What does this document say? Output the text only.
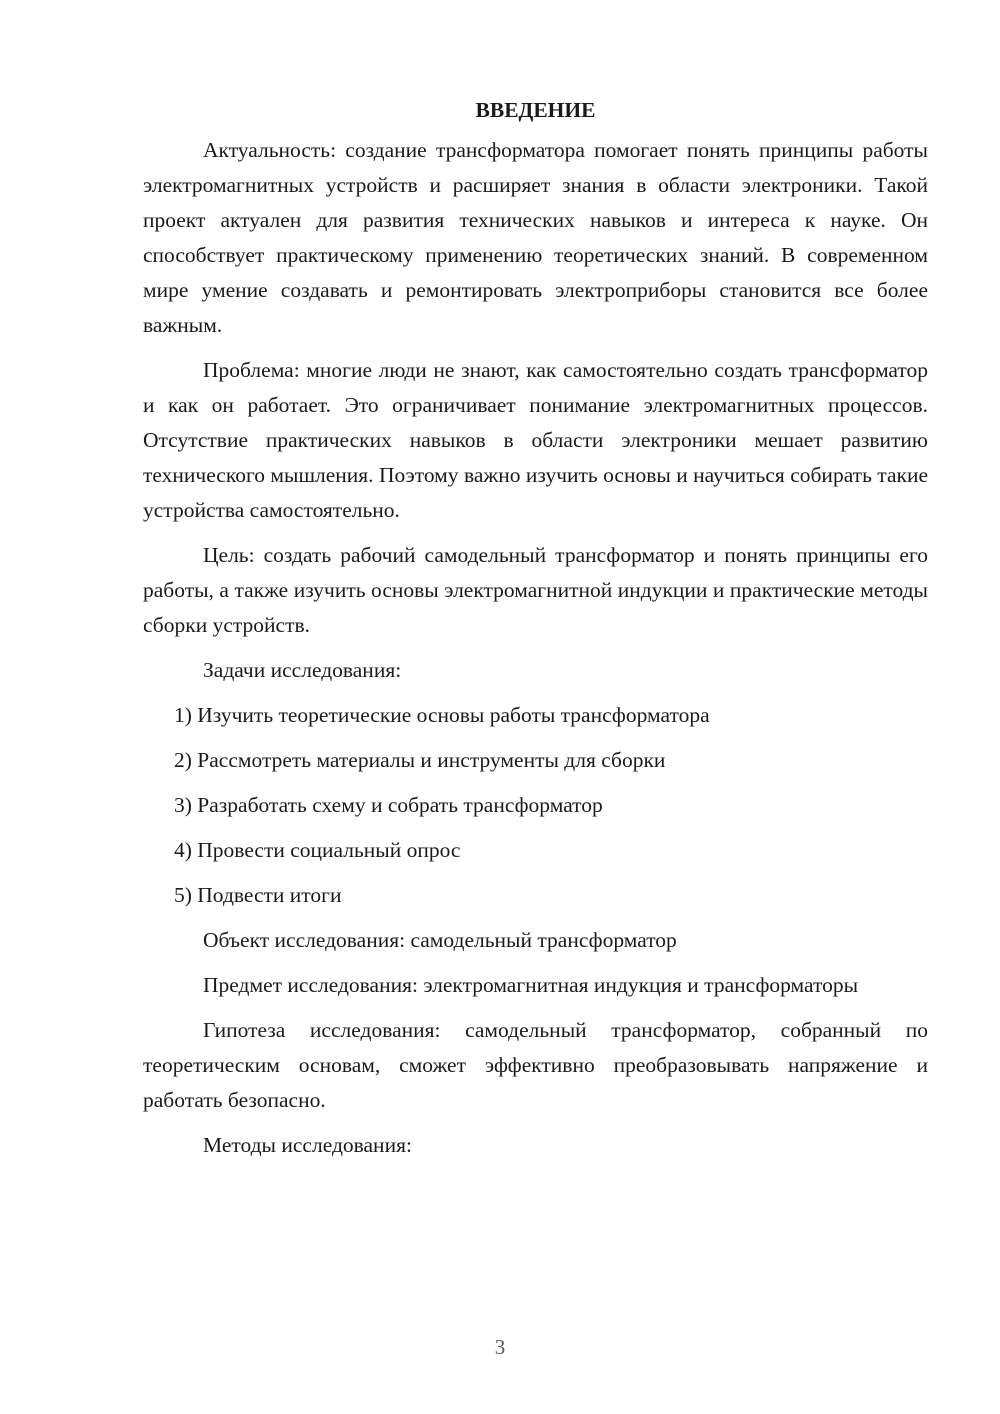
ВВЕДЕНИЕ
Актуальность: создание трансформатора помогает понять принципы работы электромагнитных устройств и расширяет знания в области электроники. Такой проект актуален для развития технических навыков и интереса к науке. Он способствует практическому применению теоретических знаний. В современном мире умение создавать и ремонтировать электроприборы становится все более важным.
Проблема: многие люди не знают, как самостоятельно создать трансформатор и как он работает. Это ограничивает понимание электромагнитных процессов. Отсутствие практических навыков в области электроники мешает развитию технического мышления. Поэтому важно изучить основы и научиться собирать такие устройства самостоятельно.
Цель: создать рабочий самодельный трансформатор и понять принципы его работы, а также изучить основы электромагнитной индукции и практические методы сборки устройств.
Задачи исследования:
1) Изучить теоретические основы работы трансформатора
2) Рассмотреть материалы и инструменты для сборки
3) Разработать схему и собрать трансформатор
4) Провести социальный опрос
5) Подвести итоги
Объект исследования: самодельный трансформатор
Предмет исследования: электромагнитная индукция и трансформаторы
Гипотеза исследования: самодельный трансформатор, собранный по теоретическим основам, сможет эффективно преобразовывать напряжение и работать безопасно.
Методы исследования:
3
